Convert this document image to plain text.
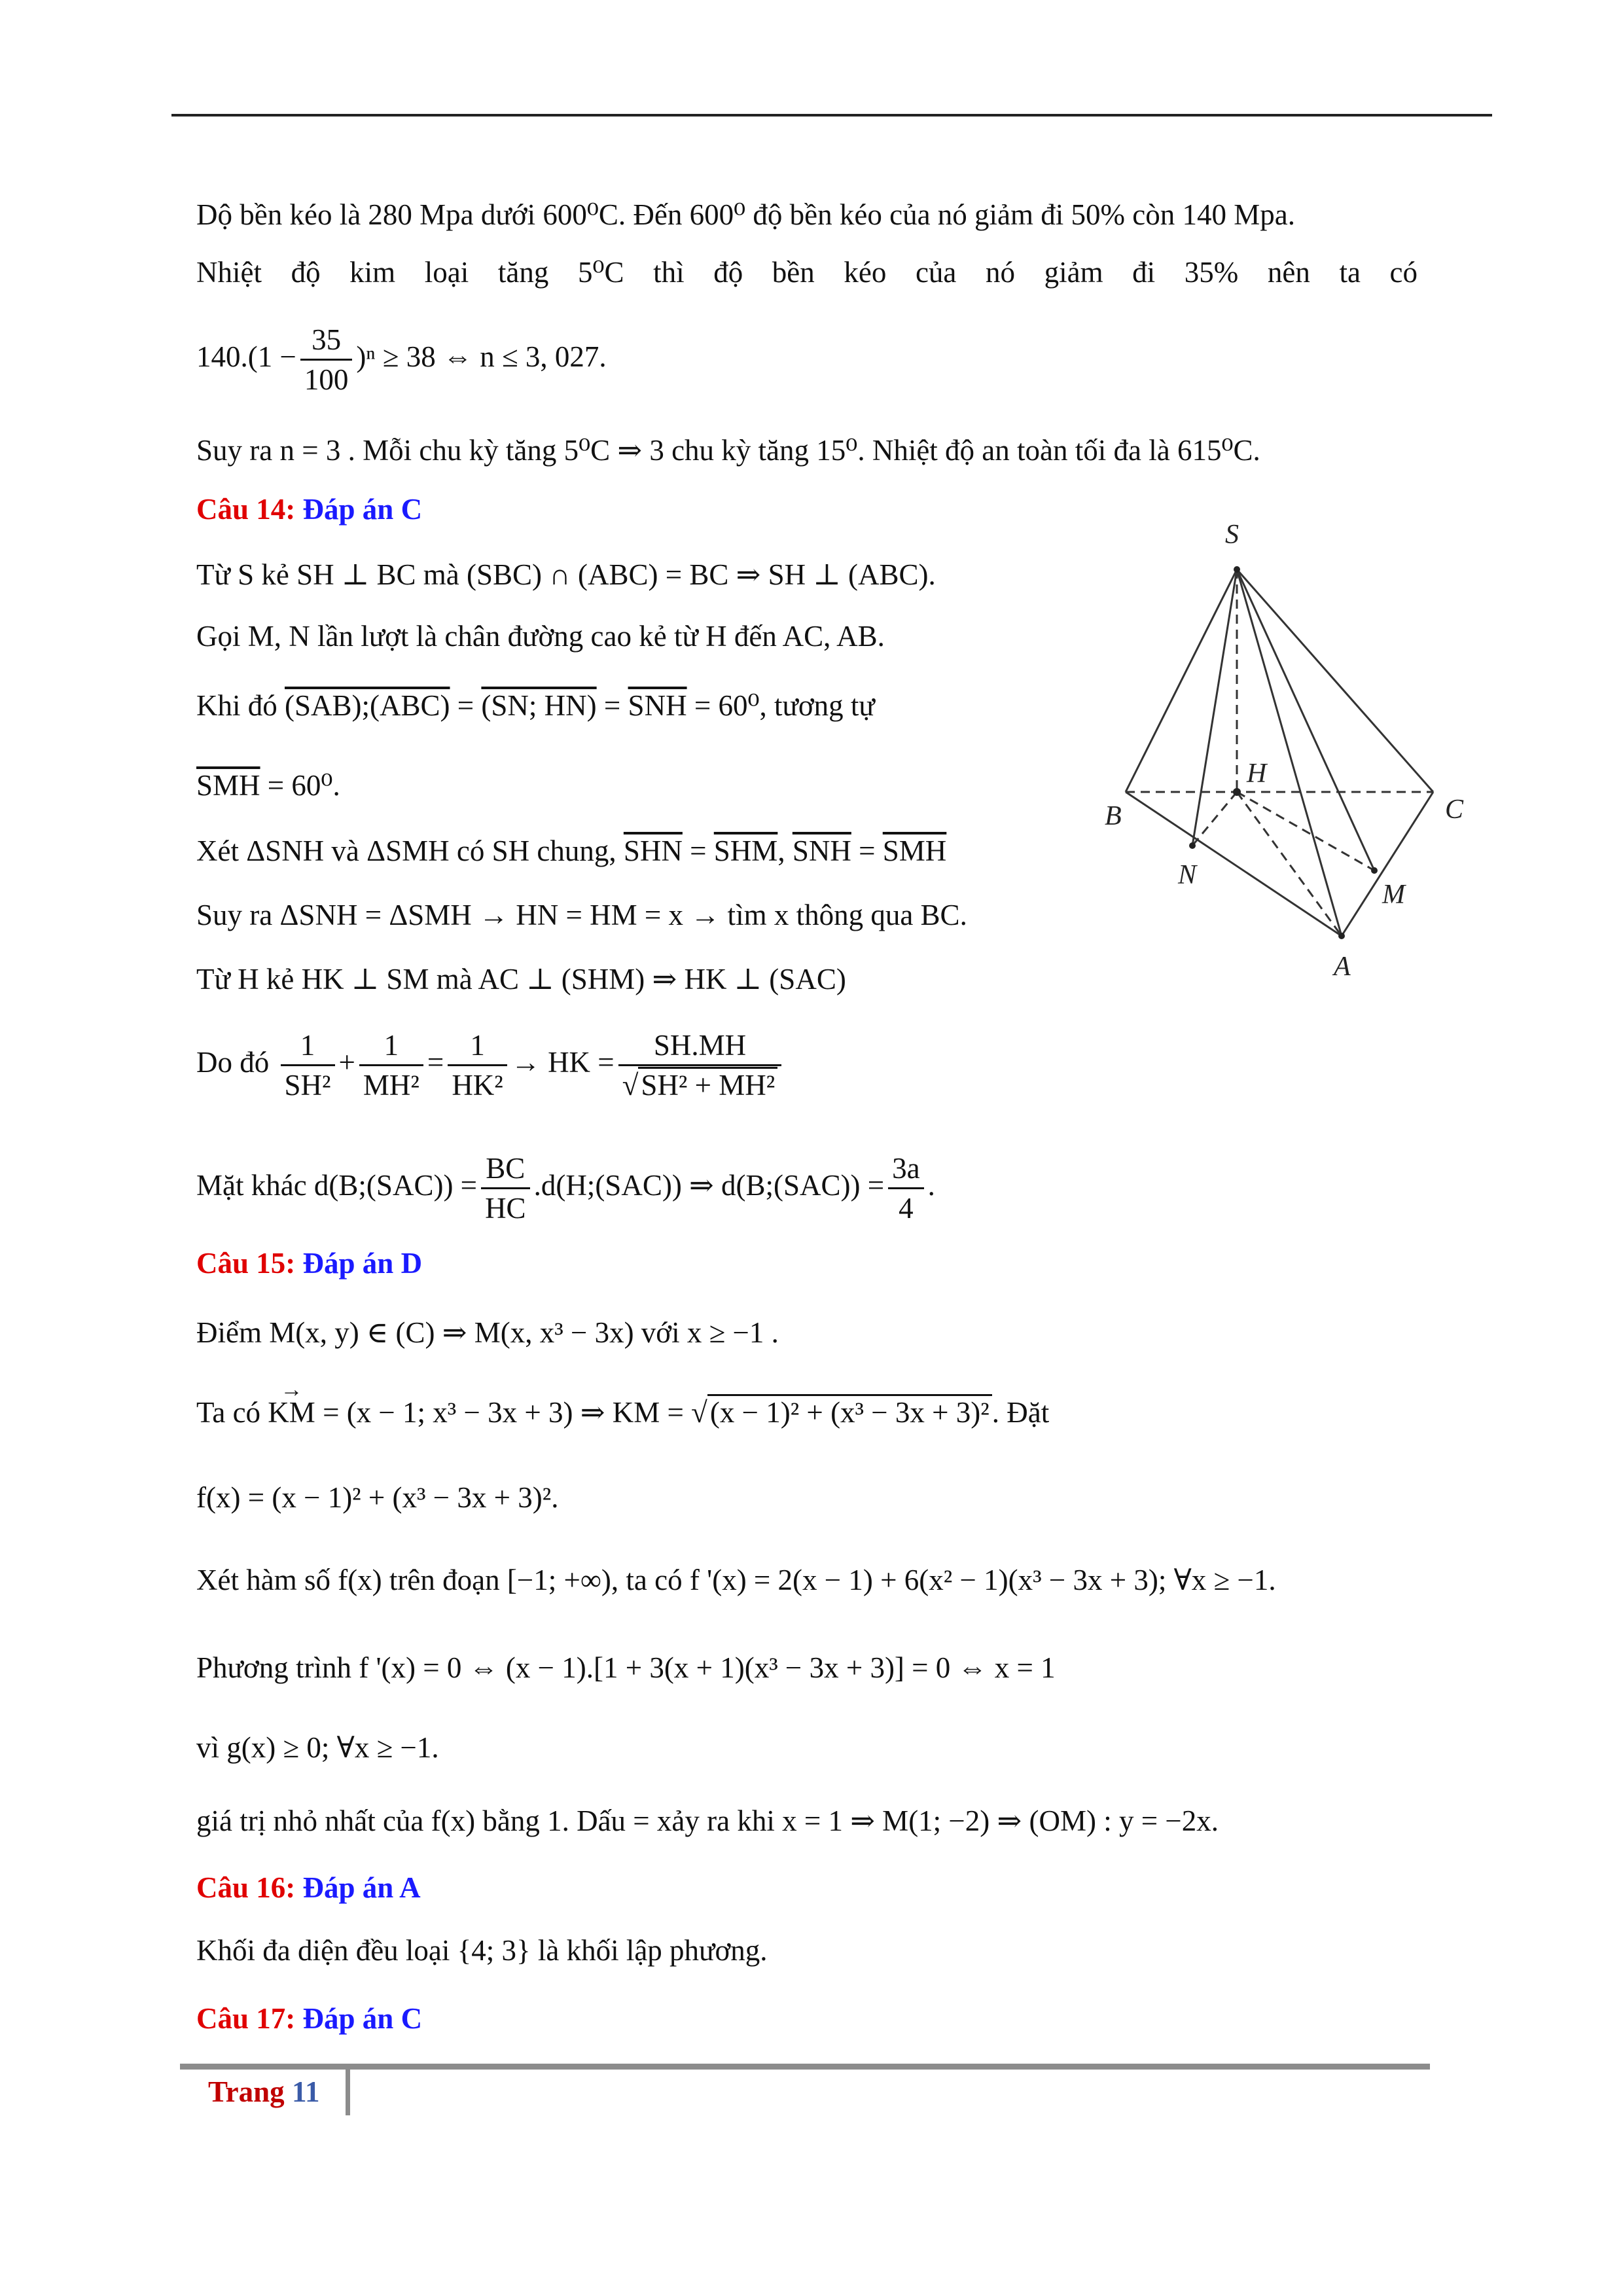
Dộ bền kéo là 280 Mpa dưới 600⁰C. Đến 600⁰ độ bền kéo của nó giảm đi 50% còn 140 Mpa.
Nhiệt độ kim loại tăng 5⁰C thì độ bền kéo của nó giảm đi 35% nên ta có
$140.(1 - \frac{35}{100} )^n \ge 38$ ⇔ n ≤ 3, 027.
Suy ra n = 3 . Mỗi chu kỳ tăng 5⁰C ⇒ 3 chu kỳ tăng 15⁰. Nhiệt độ an toàn tối đa là 615⁰C.
Câu 14: Đáp án C
Từ S kẻ SH ⊥ BC mà (SBC) ∩ (ABC) = BC ⇒ SH ⊥ (ABC).
Gọi M, N lần lượt là chân đường cao kẻ từ H đến AC, AB.
Khi đó (SAB);(ABC) = (SN; $HN) = \overline{SNH} = 60^0$, tương tự
$\overline{SMH} = 60^0$.
Xét ΔSNH và ΔSMH có SH chung, $\overline{SHN} = \overline{SHM}$, $\overline{SNH} = \overline{SMH}$
Suy ra ΔSNH = ΔSMH → HN = HM = x → tìm x thông qua BC.
Từ H kẻ HK ⊥ SM mà AC ⊥ (SHM) ⇒ HK ⊥ (SAC)
Do đó $\frac{1}{\text{SH²}} + \frac{1}{\text{MH²}} = \frac{1}{\text{HK²}}$ → HK = $\frac{SH.MH}{\text{√SH² + MH²}}$
Mặt khác d(B;(SAC)) = $\frac{BC}{HC}$ .d(H;(SAC)) ⇒ d(B;(SAC)) = $\frac{3a}{4}$ .
Câu 15: Đáp án D
Điểm M(x, y) ∈ (C) ⇒ M(x, x³ − 3x) với x ≥ −1 .
Ta có → KM = (x − 1; x³ − 3x + 3) ⇒ KM = √(x − 1)² + (x³ − 3x + 3)². Đặt
f(x) = (x − 1)² + (x³ − 3x + 3)².
Xét hàm số f(x) trên đoạn [−1; +∞), ta có f '(x) = 2(x − 1) + 6(x² − 1)(x³ − 3x + 3); ∀x ≥ −1.
Phương trình f '(x) = 0 ⇔ (x − 1).[1 + 3(x + 1)(x³ − 3x + 3)] = 0 ⇔ x = 1
vì g(x) ≥ 0; ∀x ≥ −1.
giá trị nhỏ nhất của f(x) bằng 1. Dấu = xảy ra khi x = 1 ⇒ M(1; −2) ⇒ (OM) : y = −2x.
Câu 16: Đáp án A
Khối đa diện đều loại {4; 3} là khối lập phương.
Câu 17: Đáp án C
S
H
B	C
N
M
A
Trang 11
